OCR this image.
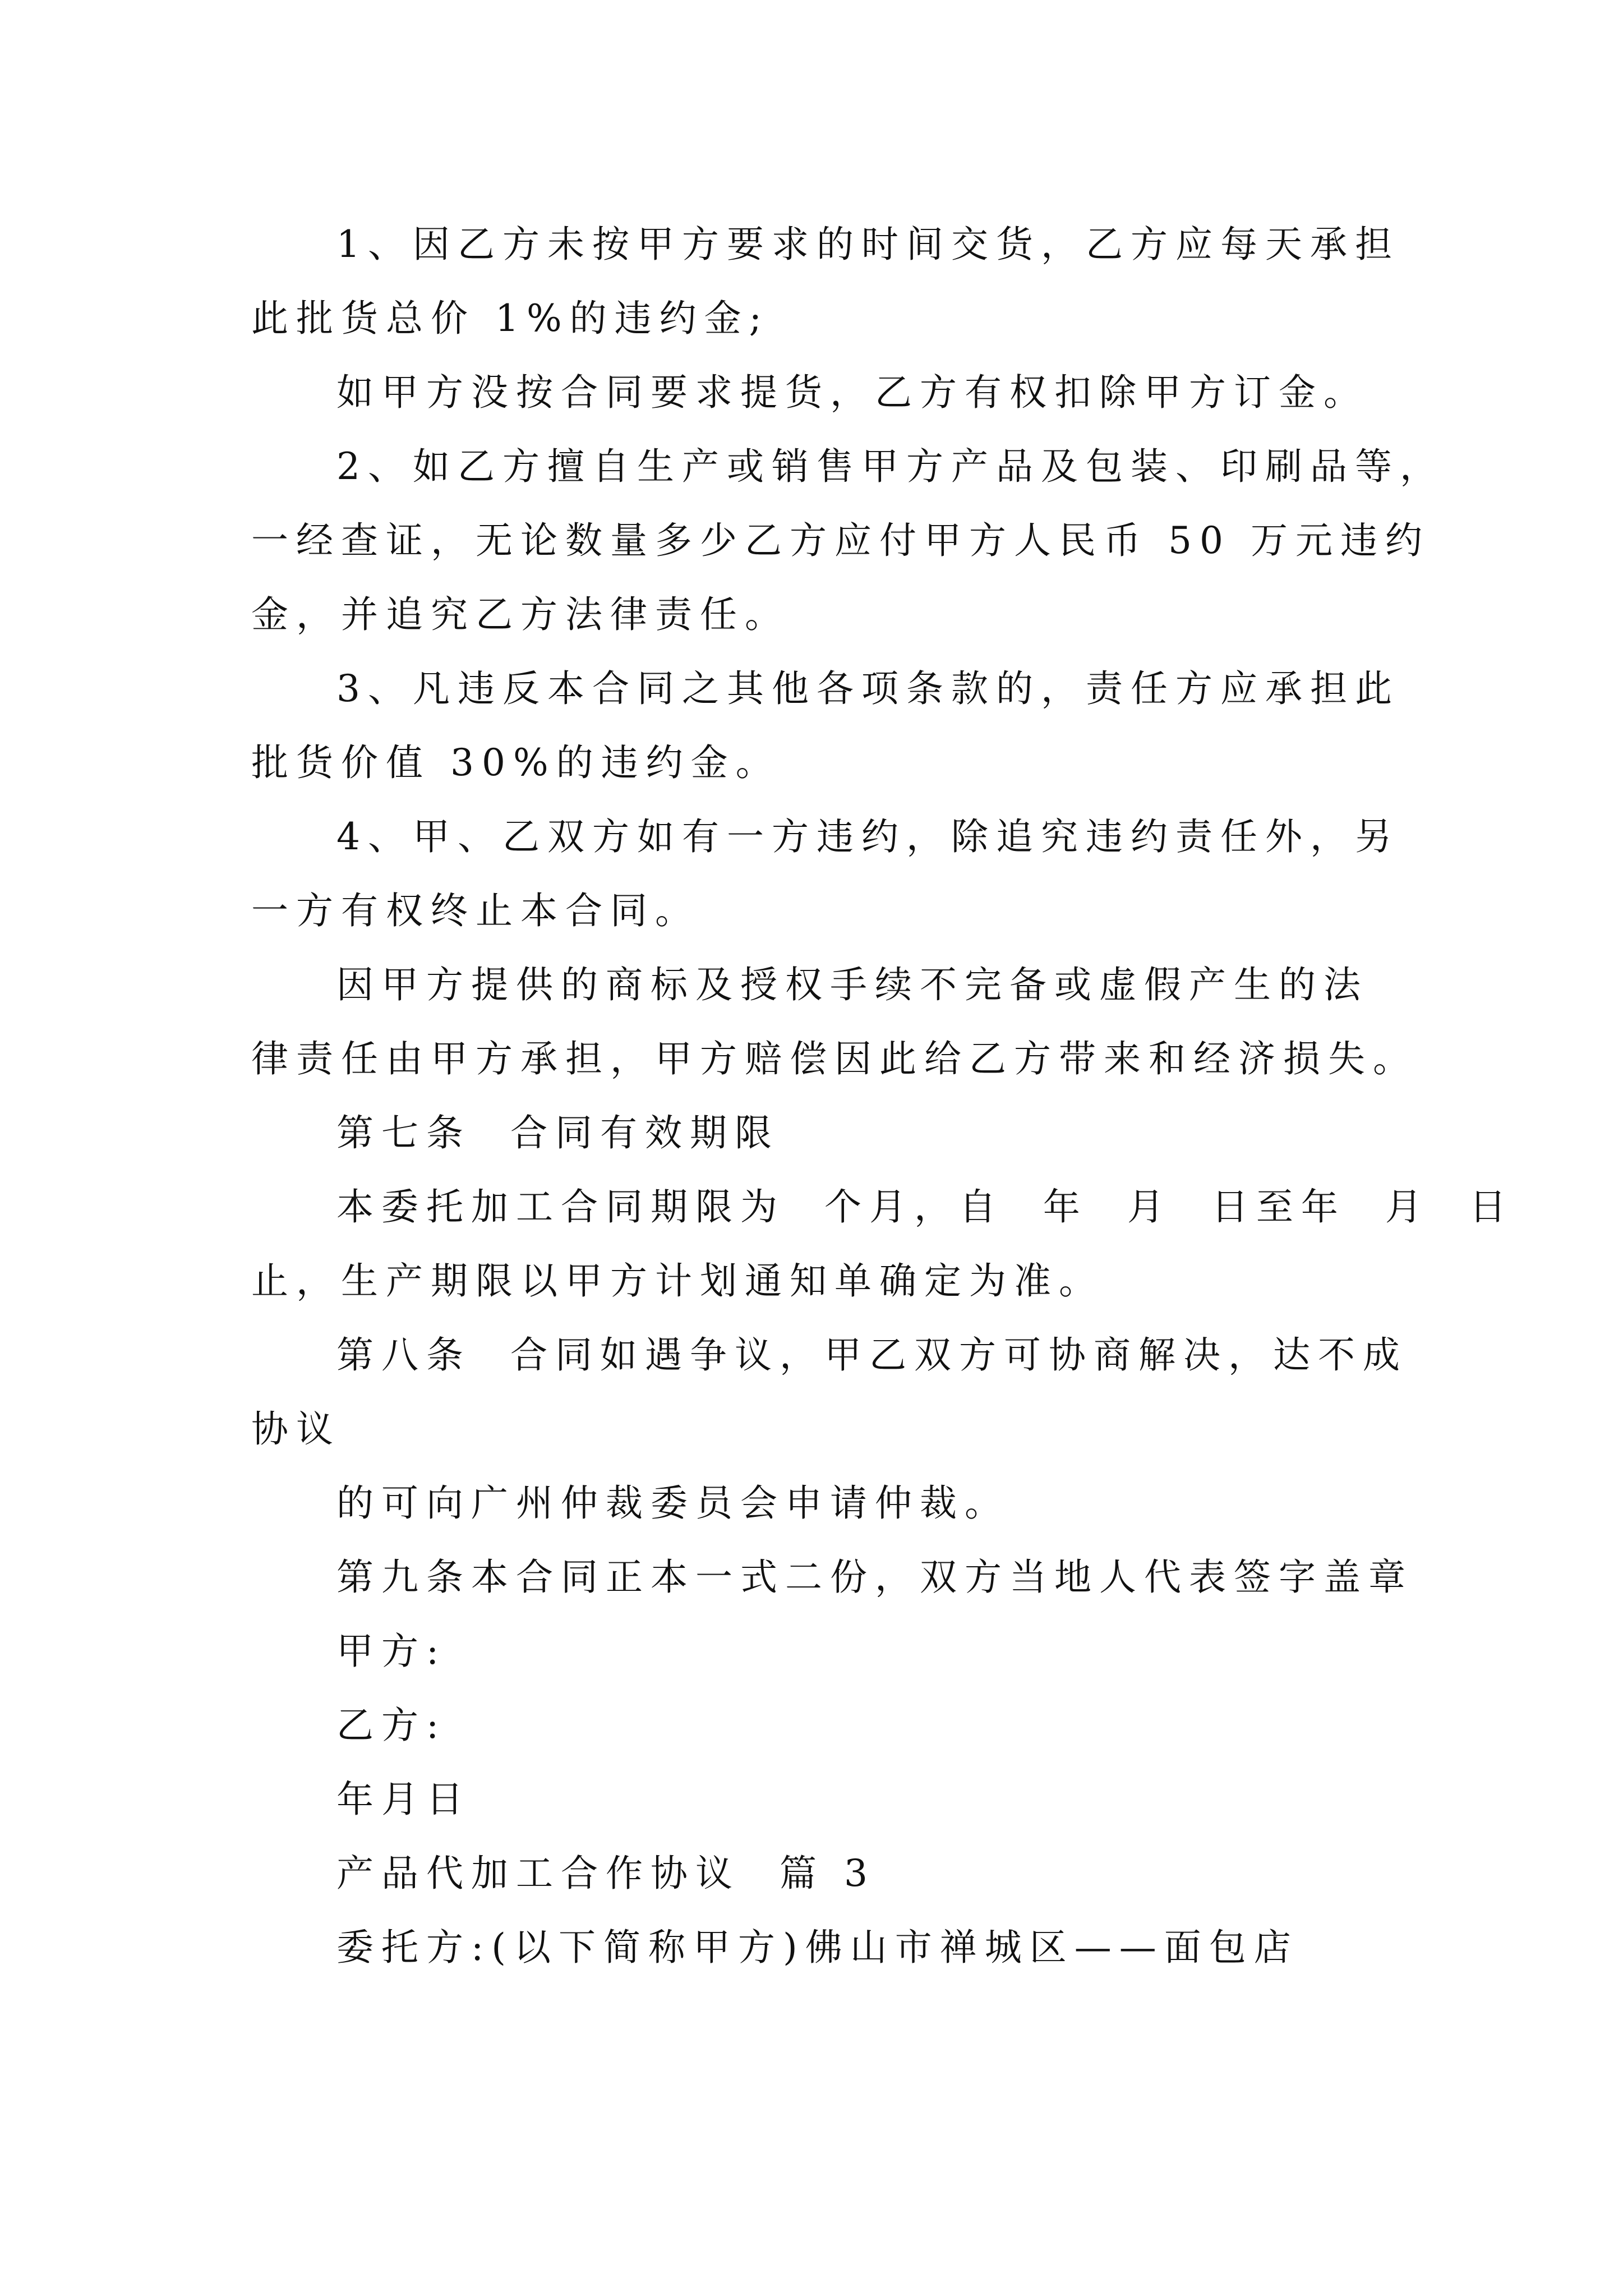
1、因乙方未按甲方要求的时间交货，乙方应每天承担

此批货总价 1%的违约金;

如甲方没按合同要求提货，乙方有权扣除甲方订金。

2、如乙方擅自生产或销售甲方产品及包装、印刷品等，

一经查证，无论数量多少乙方应付甲方人民币 50 万元违约

金，并追究乙方法律责任。

3、凡违反本合同之其他各项条款的，责任方应承担此

批货价值 30%的违约金。

4、甲、乙双方如有一方违约，除追究违约责任外，另

一方有权终止本合同。

因甲方提供的商标及授权手续不完备或虚假产生的法

律责任由甲方承担，甲方赔偿因此给乙方带来和经济损失。

第七条  合同有效期限

本委托加工合同期限为  个月，自  年  月  日至年  月  日

止，生产期限以甲方计划通知单确定为准。

第八条  合同如遇争议，甲乙双方可协商解决，达不成

协议

的可向广州仲裁委员会申请仲裁。

第九条本合同正本一式二份，双方当地人代表签字盖章

甲方:

乙方:

年月日

产品代加工合作协议  篇 3

委托方:(以下简称甲方)佛山市禅城区——面包店
